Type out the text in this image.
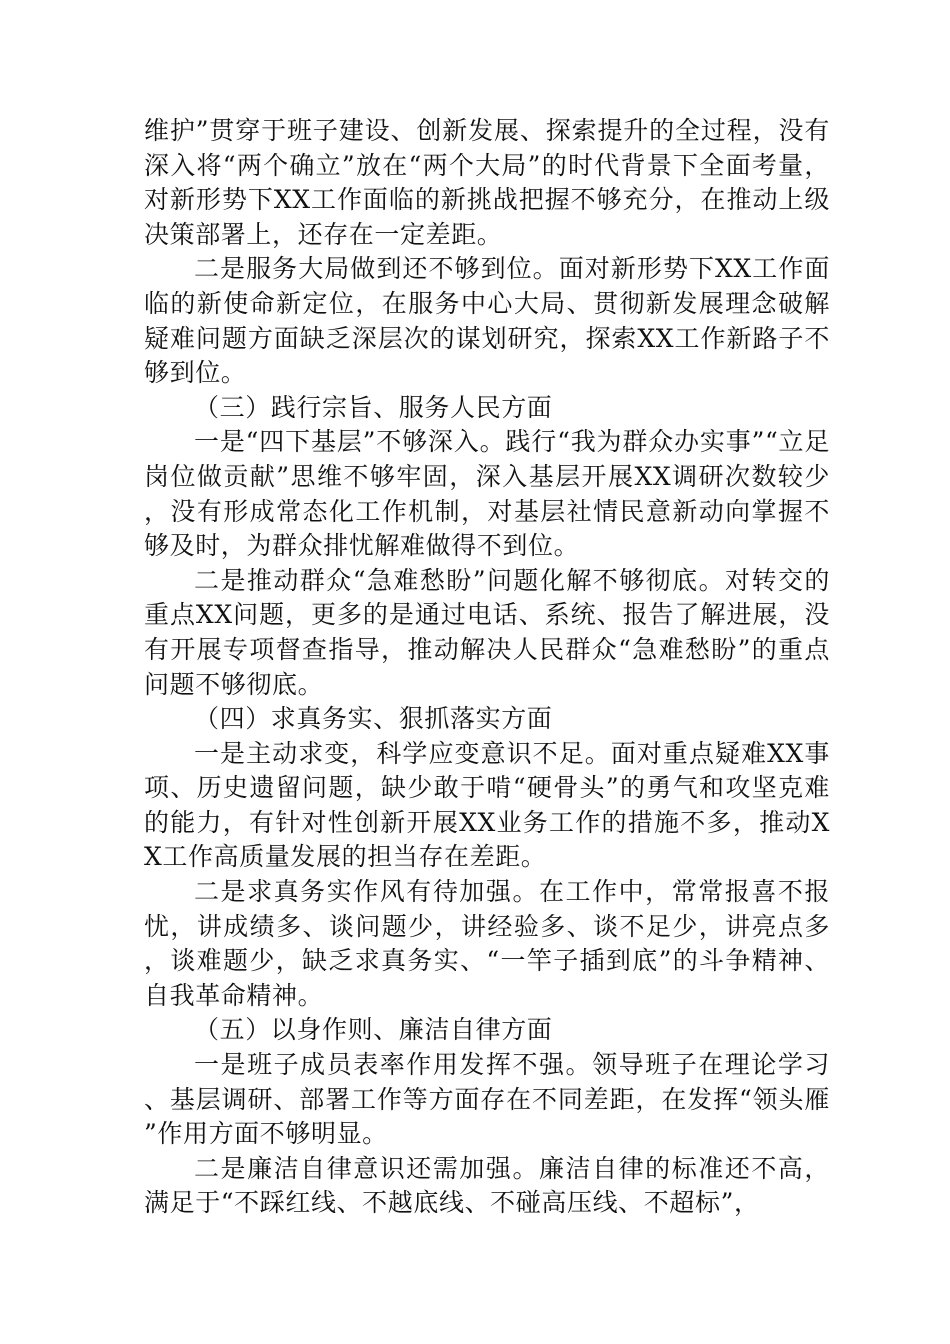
维护”贯穿于班子建设、创新发展、探索提升的全过程，没有深入将“两个确立”放在“两个大局”的时代背景下全面考量，对新形势下XX工作面临的新挑战把握不够充分，在推动上级决策部署上，还存在一定差距。

二是服务大局做到还不够到位。面对新形势下XX工作面临的新使命新定位，在服务中心大局、贯彻新发展理念破解疑难问题方面缺乏深层次的谋划研究，探索XX工作新路子不够到位。

（三）践行宗旨、服务人民方面

一是“四下基层”不够深入。践行“我为群众办实事”“立足岗位做贡献”思维不够牢固，深入基层开展XX调研次数较少，没有形成常态化工作机制，对基层社情民意新动向掌握不够及时，为群众排忧解难做得不到位。

二是推动群众“急难愁盼”问题化解不够彻底。对转交的重点XX问题，更多的是通过电话、系统、报告了解进展，没有开展专项督查指导，推动解决人民群众“急难愁盼”的重点问题不够彻底。

（四）求真务实、狠抓落实方面

一是主动求变，科学应变意识不足。面对重点疑难XX事项、历史遗留问题，缺少敢于啃“硬骨头”的勇气和攻坚克难的能力，有针对性创新开展XX业务工作的措施不多，推动XX工作高质量发展的担当存在差距。

二是求真务实作风有待加强。在工作中，常常报喜不报忧，讲成绩多、谈问题少，讲经验多、谈不足少，讲亮点多，谈难题少，缺乏求真务实、“一竿子插到底”的斗争精神、自我革命精神。

（五）以身作则、廉洁自律方面

一是班子成员表率作用发挥不强。领导班子在理论学习、基层调研、部署工作等方面存在不同差距，在发挥“领头雁”作用方面不够明显。

二是廉洁自律意识还需加强。廉洁自律的标准还不高，满足于“不踩红线、不越底线、不碰高压线、不超标”，
